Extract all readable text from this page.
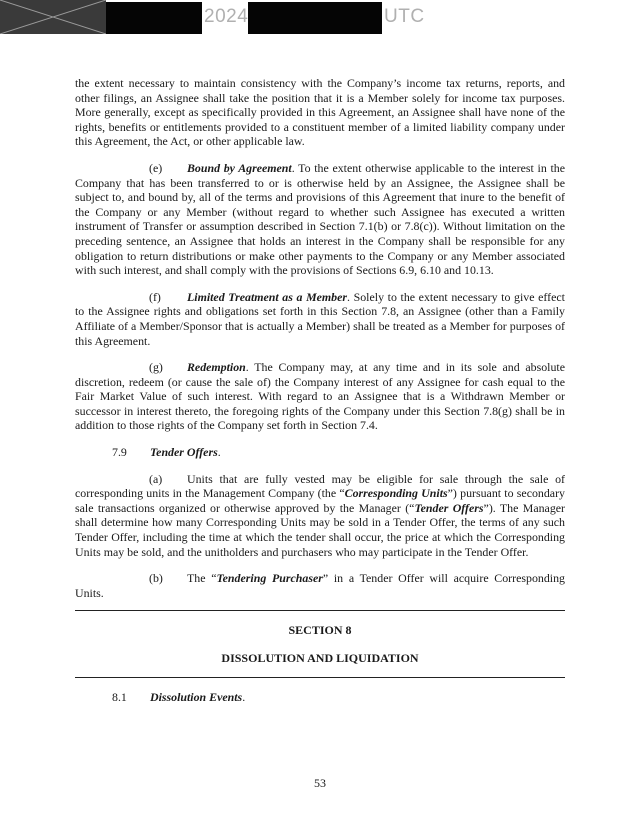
2024	UTC

the extent necessary to maintain consistency with the Company’s income tax returns, reports, and other filings, an Assignee shall take the position that it is a Member solely for income tax purposes. More generally, except as specifically provided in this Agreement, an Assignee shall have none of the rights, benefits or entitlements provided to a constituent member of a limited liability company under this Agreement, the Act, or other applicable law.

(e) Bound by Agreement. To the extent otherwise applicable to the interest in the Company that has been transferred to or is otherwise held by an Assignee, the Assignee shall be subject to, and bound by, all of the terms and provisions of this Agreement that inure to the benefit of the Company or any Member (without regard to whether such Assignee has executed a written instrument of Transfer or assumption described in Section 7.1(b) or 7.8(c)). Without limitation on the preceding sentence, an Assignee that holds an interest in the Company shall be responsible for any obligation to return distributions or make other payments to the Company or any Member associated with such interest, and shall comply with the provisions of Sections 6.9, 6.10 and 10.13.

(f) Limited Treatment as a Member. Solely to the extent necessary to give effect to the Assignee rights and obligations set forth in this Section 7.8, an Assignee (other than a Family Affiliate of a Member/Sponsor that is actually a Member) shall be treated as a Member for purposes of this Agreement.

(g) Redemption. The Company may, at any time and in its sole and absolute discretion, redeem (or cause the sale of) the Company interest of any Assignee for cash equal to the Fair Market Value of such interest. With regard to an Assignee that is a Withdrawn Member or successor in interest thereto, the foregoing rights of the Company under this Section 7.8(g) shall be in addition to those rights of the Company set forth in Section 7.4.

7.9 Tender Offers.

(a) Units that are fully vested may be eligible for sale through the sale of corresponding units in the Management Company (the “Corresponding Units”) pursuant to secondary sale transactions organized or otherwise approved by the Manager (“Tender Offers”). The Manager shall determine how many Corresponding Units may be sold in a Tender Offer, the terms of any such Tender Offer, including the time at which the tender shall occur, the price at which the Corresponding Units may be sold, and the unitholders and purchasers who may participate in the Tender Offer.

(b) The “Tendering Purchaser” in a Tender Offer will acquire Corresponding Units.

SECTION 8

DISSOLUTION AND LIQUIDATION

8.1 Dissolution Events.

53
